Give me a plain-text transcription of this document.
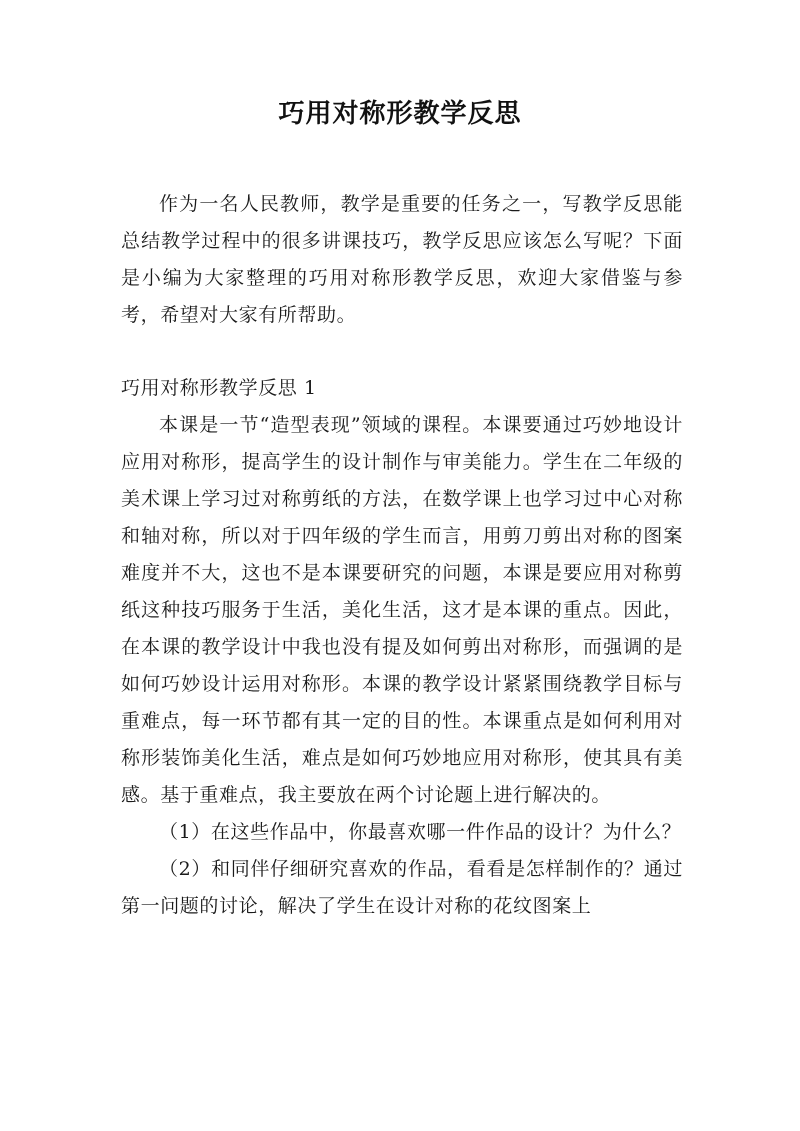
巧用对称形教学反思

作为一名人民教师，教学是重要的任务之一，写教学反思能总结教学过程中的很多讲课技巧，教学反思应该怎么写呢？下面是小编为大家整理的巧用对称形教学反思，欢迎大家借鉴与参考，希望对大家有所帮助。

巧用对称形教学反思 1

本课是一节“造型表现”领域的课程。本课要通过巧妙地设计应用对称形，提高学生的设计制作与审美能力。学生在二年级的美术课上学习过对称剪纸的方法，在数学课上也学习过中心对称和轴对称，所以对于四年级的学生而言，用剪刀剪出对称的图案难度并不大，这也不是本课要研究的问题，本课是要应用对称剪纸这种技巧服务于生活，美化生活，这才是本课的重点。因此，在本课的教学设计中我也没有提及如何剪出对称形，而强调的是如何巧妙设计运用对称形。本课的教学设计紧紧围绕教学目标与重难点，每一环节都有其一定的目的性。本课重点是如何利用对称形装饰美化生活，难点是如何巧妙地应用对称形，使其具有美感。基于重难点，我主要放在两个讨论题上进行解决的。

（1）在这些作品中，你最喜欢哪一件作品的设计？为什么？

（2）和同伴仔细研究喜欢的作品，看看是怎样制作的？通过第一问题的讨论，解决了学生在设计对称的花纹图案上
